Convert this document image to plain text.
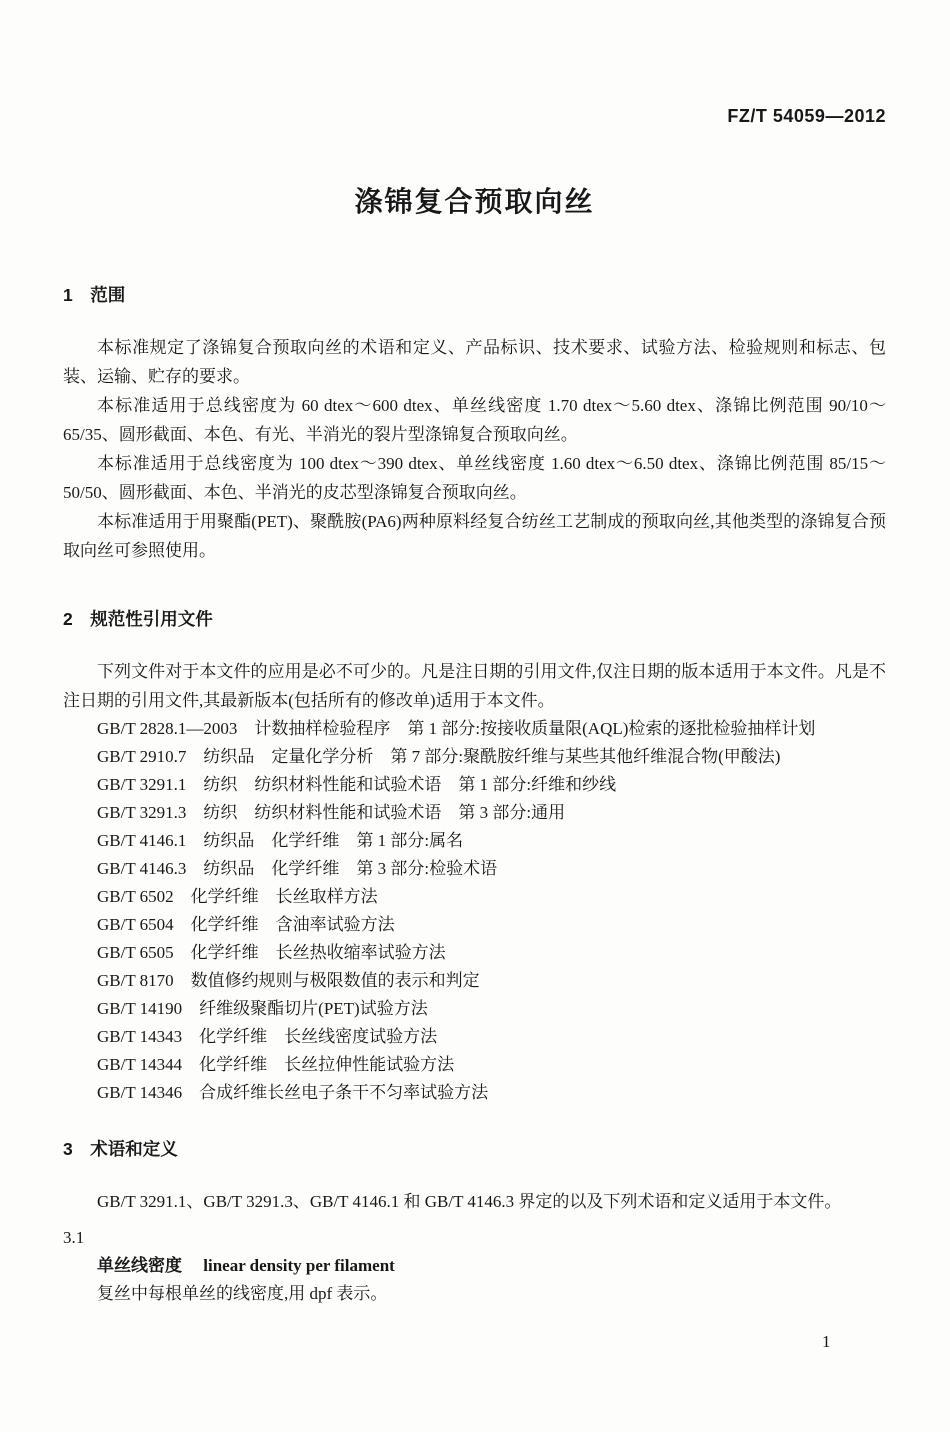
FZ/T 54059—2012
涤锦复合预取向丝
1　范围

本标准规定了涤锦复合预取向丝的术语和定义、产品标识、技术要求、试验方法、检验规则和标志、包装、运输、贮存的要求。

本标准适用于总线密度为 60 dtex～600 dtex、单丝线密度 1.70 dtex～5.60 dtex、涤锦比例范围 90/10～65/35、圆形截面、本色、有光、半消光的裂片型涤锦复合预取向丝。

本标准适用于总线密度为 100 dtex～390 dtex、单丝线密度 1.60 dtex～6.50 dtex、涤锦比例范围 85/15～50/50、圆形截面、本色、半消光的皮芯型涤锦复合预取向丝。

本标准适用于用聚酯(PET)、聚酰胺(PA6)两种原料经复合纺丝工艺制成的预取向丝,其他类型的涤锦复合预取向丝可参照使用。

2　规范性引用文件

下列文件对于本文件的应用是必不可少的。凡是注日期的引用文件,仅注日期的版本适用于本文件。凡是不注日期的引用文件,其最新版本(包括所有的修改单)适用于本文件。

GB/T 2828.1—2003　计数抽样检验程序　第 1 部分:按接收质量限(AQL)检索的逐批检验抽样计划

GB/T 2910.7　纺织品　定量化学分析　第 7 部分:聚酰胺纤维与某些其他纤维混合物(甲酸法)

GB/T 3291.1　纺织　纺织材料性能和试验术语　第 1 部分:纤维和纱线

GB/T 3291.3　纺织　纺织材料性能和试验术语　第 3 部分:通用

GB/T 4146.1　纺织品　化学纤维　第 1 部分:属名

GB/T 4146.3　纺织品　化学纤维　第 3 部分:检验术语

GB/T 6502　化学纤维　长丝取样方法

GB/T 6504　化学纤维　含油率试验方法

GB/T 6505　化学纤维　长丝热收缩率试验方法

GB/T 8170　数值修约规则与极限数值的表示和判定

GB/T 14190　纤维级聚酯切片(PET)试验方法

GB/T 14343　化学纤维　长丝线密度试验方法

GB/T 14344　化学纤维　长丝拉伸性能试验方法

GB/T 14346　合成纤维长丝电子条干不匀率试验方法

3　术语和定义

GB/T 3291.1、GB/T 3291.3、GB/T 4146.1 和 GB/T 4146.3 界定的以及下列术语和定义适用于本文件。

3.1

单丝线密度 linear density per filament

复丝中每根单丝的线密度,用 dpf 表示。

1
